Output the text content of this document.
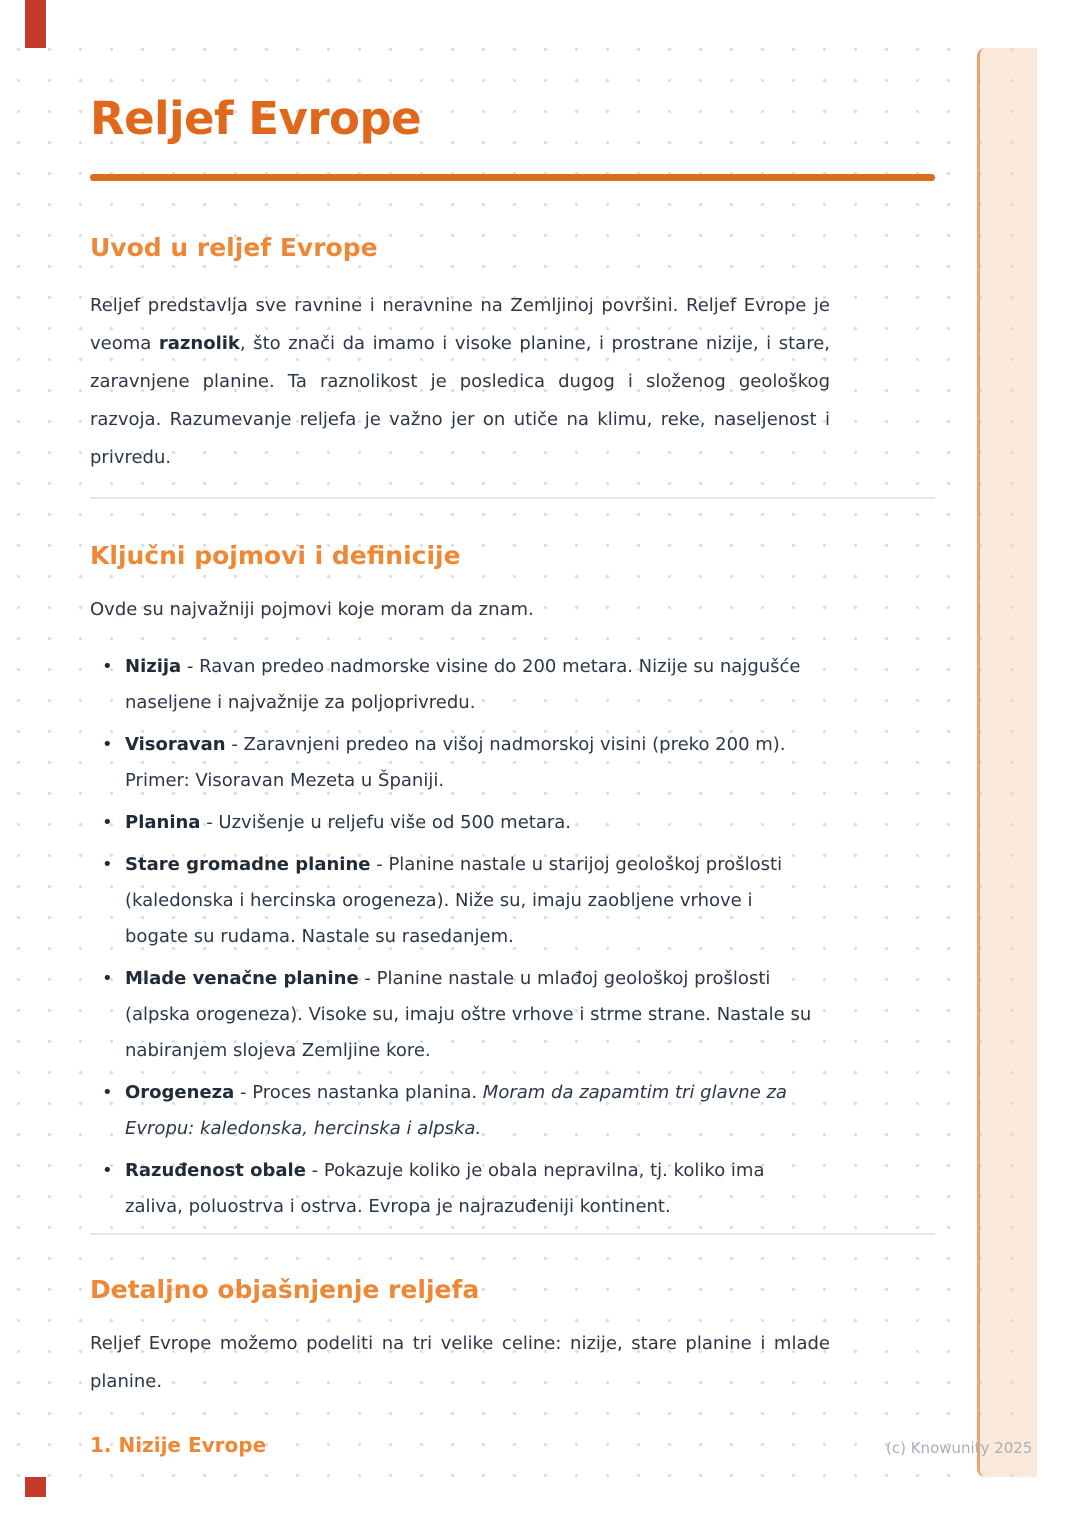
Reljef Evrope
Uvod u reljef Evrope

Reljef predstavlja sve ravnine i neravnine na Zemljinoj površini. Reljef Evrope je veoma raznolik, što znači da imamo i visoke planine, i prostrane nizije, i stare, zaravnjene planine. Ta raznolikost je posledica dugog i složenog geološkog razvoja. Razumevanje reljefa je važno jer on utiče na klimu, reke, naseljenost i privredu.

Ključni pojmovi i definicije

Ovde su najvažniji pojmovi koje moram da znam.

• Nizija - Ravan predeo nadmorske visine do 200 metara. Nizije su najgušće naseljene i najvažnije za poljoprivredu.
• Visoravan - Zaravnjeni predeo na višoj nadmorskoj visini (preko 200 m). Primer: Visoravan Mezeta u Španiji.
• Planina - Uzvišenje u reljefu više od 500 metara.
• Stare gromadne planine - Planine nastale u starijoj geološkoj prošlosti (kaledonska i hercinska orogeneza). Niže su, imaju zaobljene vrhove i bogate su rudama. Nastale su rasedanjem.
• Mlade venačne planine - Planine nastale u mlađoj geološkoj prošlosti (alpska orogeneza). Visoke su, imaju oštre vrhove i strme strane. Nastale su nabiranjem slojeva Zemljine kore.
• Orogeneza - Proces nastanka planina. Moram da zapamtim tri glavne za Evropu: kaledonska, hercinska i alpska.
• Razuđenost obale - Pokazuje koliko je obala nepravilna, tj. koliko ima zaliva, poluostrva i ostrva. Evropa je najrazuđeniji kontinent.
Detaljno objašnjenje reljefa

Reljef Evrope možemo podeliti na tri velike celine: nizije, stare planine i mlade planine.

1. Nizije Evrope	(c) Knowunity 2025
